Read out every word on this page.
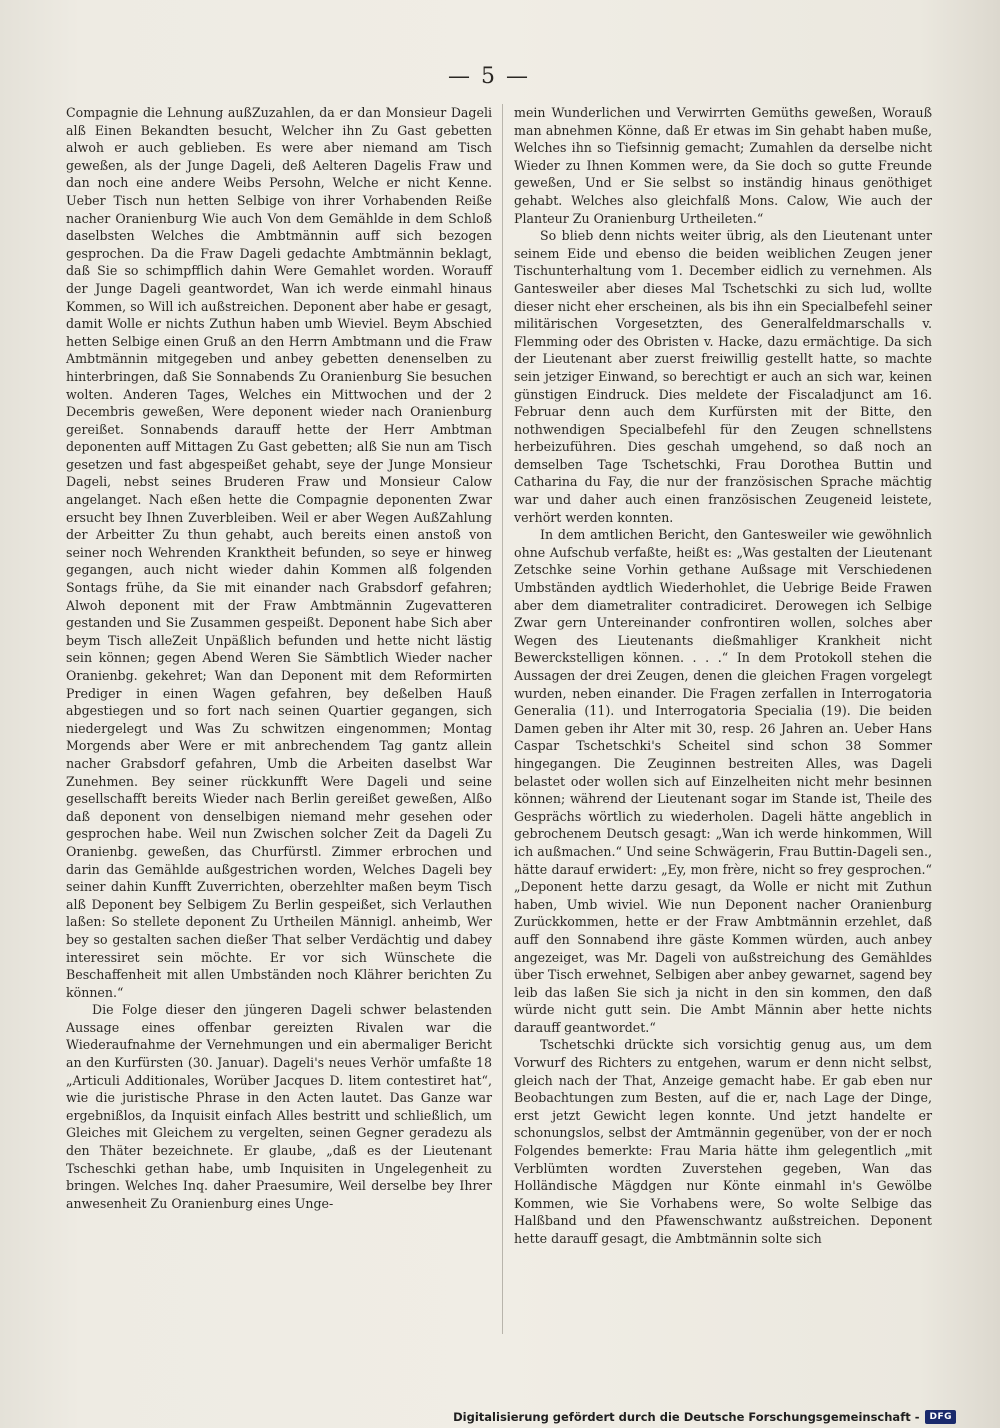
— 5 —

Compagnie die Lehnung außZuzahlen, da er dan Monsieur Dageli alß Einen Bekandten besucht, Welcher ihn Zu Gast gebetten alwoh er auch geblieben. Es were aber niemand am Tisch geweßen, als der Junge Dageli, deß Aelteren Dagelis Fraw und dan noch eine andere Weibs Persohn, Welche er nicht Kenne. Ueber Tisch nun hetten Selbige von ihrer Vorhabenden Reiße nacher Oranienburg Wie auch Von dem Gemählde in dem Schloß daselbsten Welches die Ambtmännin auff sich bezogen gesprochen. Da die Fraw Dageli gedachte Ambtmännin beklagt, daß Sie so schimpfflich dahin Were Gemahlet worden. Worauff der Junge Dageli geantwordet, Wan ich werde einmahl hinaus Kommen, so Will ich außstreichen. Deponent aber habe er gesagt, damit Wolle er nichts Zuthun haben umb Wieviel. Beym Abschied hetten Selbige einen Gruß an den Herrn Ambtmann und die Fraw Ambtmännin mitgegeben und anbey gebetten denenselben zu hinterbringen, daß Sie Sonnabends Zu Oranienburg Sie besuchen wolten. Anderen Tages, Welches ein Mittwochen und der 2 Decembris geweßen, Were deponent wieder nach Oranienburg gereißet. Sonnabends darauff hette der Herr Ambtman deponenten auff Mittagen Zu Gast gebetten; alß Sie nun am Tisch gesetzen und fast abgespeißet gehabt, seye der Junge Monsieur Dageli, nebst seines Bruderen Fraw und Monsieur Calow angelanget. Nach eßen hette die Compagnie deponenten Zwar ersucht bey Ihnen Zuverbleiben. Weil er aber Wegen AußZahlung der Arbeitter Zu thun gehabt, auch bereits einen anstoß von seiner noch Wehrenden Kranktheit befunden, so seye er hinweg gegangen, auch nicht wieder dahin Kommen alß folgenden Sontags frühe, da Sie mit einander nach Grabsdorf gefahren; Alwoh deponent mit der Fraw Ambtmännin Zugevatteren gestanden und Sie Zusammen gespeißt. Deponent habe Sich aber beym Tisch alleZeit Unpäßlich befunden und hette nicht lästig sein können; gegen Abend Weren Sie Sämbtlich Wieder nacher Oranienbg. gekehret; Wan dan Deponent mit dem Reformirten Prediger in einen Wagen gefahren, bey deßelben Hauß abgestiegen und so fort nach seinen Quartier gegangen, sich niedergelegt und Was Zu schwitzen eingenommen; Montag Morgends aber Were er mit anbrechendem Tag gantz allein nacher Grabsdorf gefahren, Umb die Arbeiten daselbst War Zunehmen. Bey seiner rückkunfft Were Dageli und seine gesellschafft bereits Wieder nach Berlin gereißet geweßen, Alßo daß deponent von denselbigen niemand mehr gesehen oder gesprochen habe. Weil nun Zwischen solcher Zeit da Dageli Zu Oranienbg. geweßen, das Churfürstl. Zimmer erbrochen und darin das Gemählde außgestrichen worden, Welches Dageli bey seiner dahin Kunfft Zuverrichten, oberzehlter maßen beym Tisch alß Deponent bey Selbigem Zu Berlin gespeißet, sich Verlauthen laßen: So stellete deponent Zu Urtheilen Männigl. anheimb, Wer bey so gestalten sachen dießer That selber Verdächtig und dabey interessiret sein möchte. Er vor sich Wünschete die Beschaffenheit mit allen Umbständen noch Klährer berichten Zu können.“

Die Folge dieser den jüngeren Dageli schwer belastenden Aussage eines offenbar gereizten Rivalen war die Wiederaufnahme der Vernehmungen und ein abermaliger Bericht an den Kurfürsten (30. Januar). Dageli's neues Verhör umfaßte 18 „Articuli Additionales, Worüber Jacques D. litem contestiret hat“, wie die juristische Phrase in den Acten lautet. Das Ganze war ergebnißlos, da Inquisit einfach Alles bestritt und schließlich, um Gleiches mit Gleichem zu vergelten, seinen Gegner geradezu als den Thäter bezeichnete. Er glaube, „daß es der Lieutenant Tscheschki gethan habe, umb Inquisiten in Ungelegenheit zu bringen. Welches Inq. daher Praesumire, Weil derselbe bey Ihrer anwesenheit Zu Oranienburg eines Unge-

mein Wunderlichen und Verwirrten Gemüths geweßen, Worauß man abnehmen Könne, daß Er etwas im Sin gehabt haben muße, Welches ihn so Tiefsinnig gemacht; Zumahlen da derselbe nicht Wieder zu Ihnen Kommen were, da Sie doch so gutte Freunde geweßen, Und er Sie selbst so inständig hinaus genöthiget gehabt. Welches also gleichfalß Mons. Calow, Wie auch der Planteur Zu Oranienburg Urtheileten.“

So blieb denn nichts weiter übrig, als den Lieutenant unter seinem Eide und ebenso die beiden weiblichen Zeugen jener Tischunterhaltung vom 1. December eidlich zu vernehmen. Als Ganteswеiler aber dieses Mal Tschetschki zu sich lud, wollte dieser nicht eher erscheinen, als bis ihn ein Specialbefehl seiner militärischen Vorgesetzten, des Generalfeldmarschalls v. Flemming oder des Obristen v. Hacke, dazu ermächtige. Da sich der Lieutenant aber zuerst freiwillig gestellt hatte, so machte sein jetziger Einwand, so berechtigt er auch an sich war, keinen günstigen Eindruck. Dies meldete der Fiscaladjunct am 16. Februar denn auch dem Kurfürsten mit der Bitte, den nothwendigen Specialbefehl für den Zeugen schnellstens herbeizuführen. Dies geschah umgehend, so daß noch an demselben Tage Tschetschki, Frau Dorothea Buttin und Catharina du Fay, die nur der französischen Sprache mächtig war und daher auch einen französischen Zeugeneid leistete, verhört werden konnten.

In dem amtlichen Bericht, den Gantesweiler wie gewöhnlich ohne Aufschub verfaßte, heißt es: „Was gestalten der Lieutenant Zetschke seine Vorhin gethane Außsage mit Verschiedenen Umbständen aydtlich Wiederhohlet, die Uebrige Beide Frawen aber dem diametraliter contradiciret. Derowegen ich Selbige Zwar gern Untereinander confrontiren wollen, solches aber Wegen des Lieutenants dießmahliger Krankheit nicht Bewerckstelligen können. . . .“ In dem Protokoll stehen die Aussagen der drei Zeugen, denen die gleichen Fragen vorgelegt wurden, neben einander. Die Fragen zerfallen in Interrogatoria Generalia (11). und Interrogatoria Specialia (19). Die beiden Damen geben ihr Alter mit 30, resp. 26 Jahren an. Ueber Hans Caspar Tschetschki's Scheitel sind schon 38 Sommer hingegangen. Die Zeuginnen bestreiten Alles, was Dageli belastet oder wollen sich auf Einzelheiten nicht mehr besinnen können; während der Lieutenant sogar im Stande ist, Theile des Gesprächs wörtlich zu wiederholen. Dageli hätte angeblich in gebrochenem Deutsch gesagt: „Wan ich werde hinkommen, Will ich außmachen.“ Und seine Schwägerin, Frau Buttin-Dageli sen., hätte darauf erwidert: „Ey, mon frère, nicht so frey gesprochen.“ „Deponent hette darzu gesagt, da Wolle er nicht mit Zuthun haben, Umb wiviel. Wie nun Deponent nacher Oranienburg Zurückkommen, hette er der Fraw Ambtmännin erzehlet, daß auff den Sonnabend ihre gäste Kommen würden, auch anbey angezeiget, was Mr. Dageli von außstreichung des Gemähldes über Tisch erwehnet, Selbigen aber anbey gewarnet, sagend bey leib das laßen Sie sich ja nicht in den sin kommen, den daß würde nicht gutt sein. Die Ambt Männin aber hette nichts darauff geantwordet.“

Tschetschki drückte sich vorsichtig genug aus, um dem Vorwurf des Richters zu entgehen, warum er denn nicht selbst, gleich nach der That, Anzeige gemacht habe. Er gab eben nur Beobachtungen zum Besten, auf die er, nach Lage der Dinge, erst jetzt Gewicht legen konnte. Und jetzt handelte er schonungslos, selbst der Amtmännin gegenüber, von der er noch Folgendes bemerkte: Frau Maria hätte ihm gelegentlich „mit Verblümten wordten Zuverstehen gegeben, Wan das Holländische Mägdgen nur Könte einmahl in's Gewölbe Kommen, wie Sie Vorhabens were, So wolte Selbige das Halßband und den Pfawenschwantz außstreichen. Deponent hette darauff gesagt, die Ambtmännin solte sich

Digitalisierung gefördert durch die Deutsche Forschungsgemeinschaft -	DFG
